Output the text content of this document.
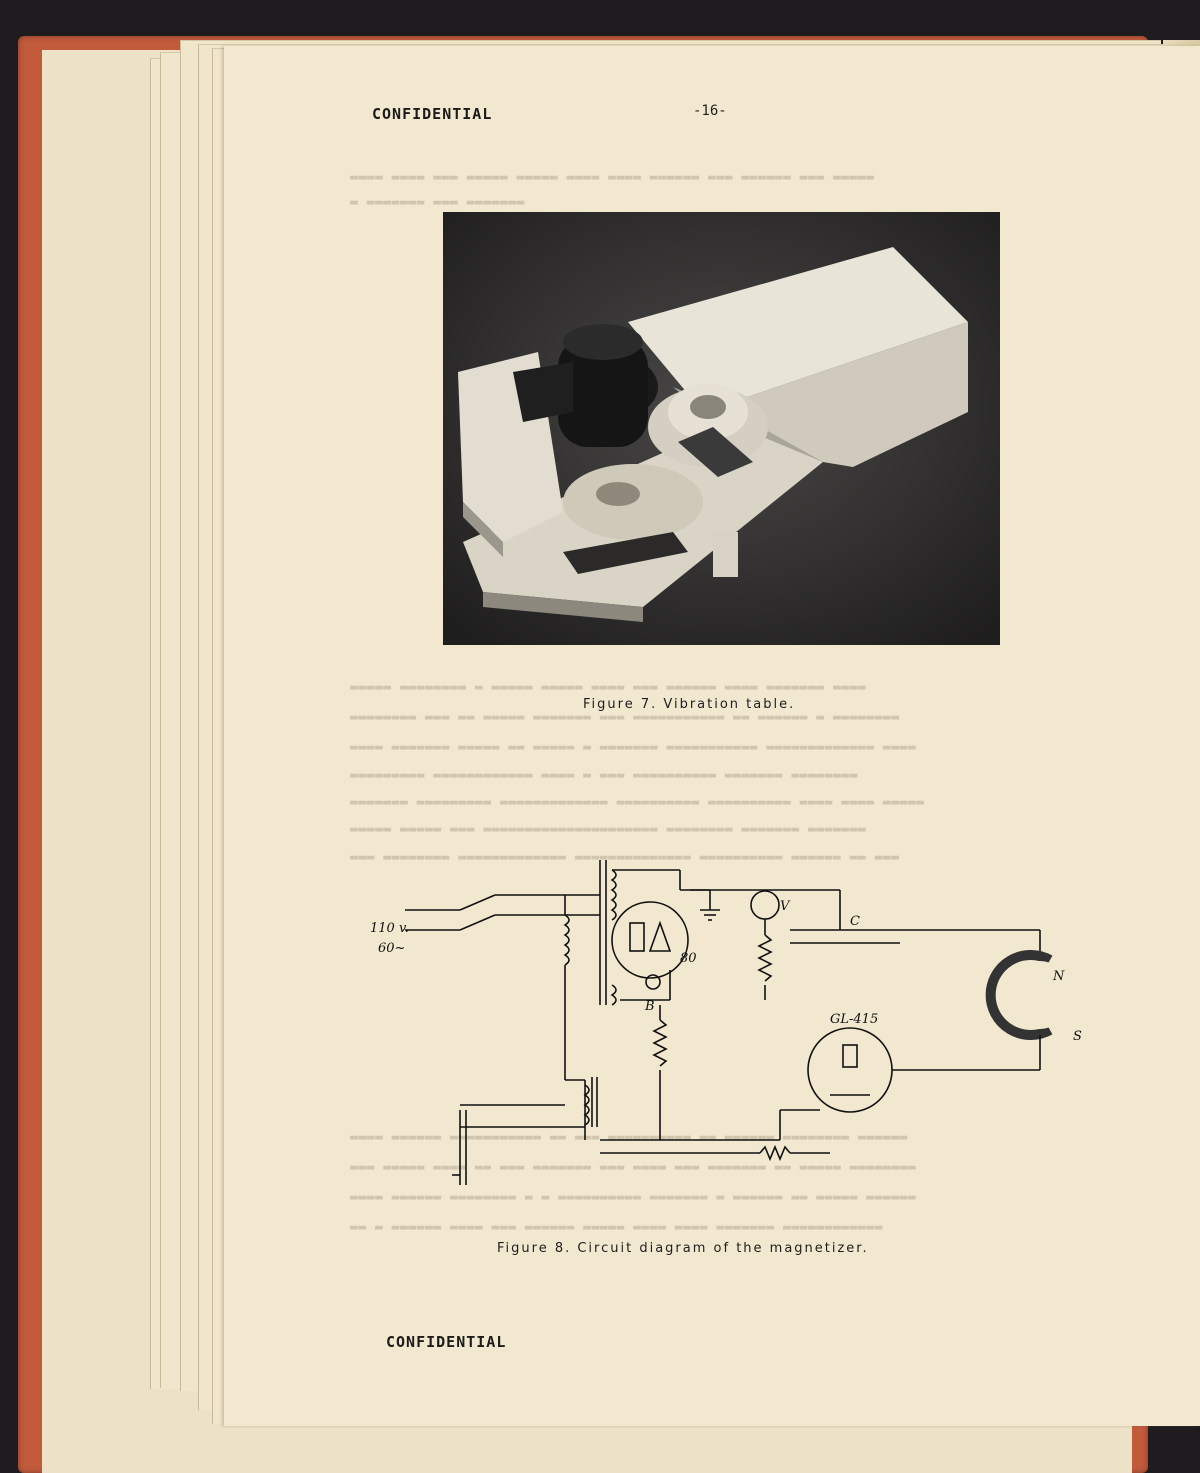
▬▬▬▬ ▬▬▬▬ ▬▬▬ ▬▬▬▬▬ ▬▬▬▬▬ ▬▬▬▬ ▬▬▬▬ ▬▬▬▬▬▬ ▬▬▬ ▬▬▬▬▬▬ ▬▬▬ ▬▬▬▬▬
▬ ▬▬▬▬▬▬▬ ▬▬▬ ▬▬▬▬▬▬▬
▬▬▬▬▬ ▬▬▬▬▬▬▬▬ ▬ ▬▬▬▬▬ ▬▬▬▬▬ ▬▬▬▬ ▬▬▬ ▬▬▬▬▬▬ ▬▬▬▬ ▬▬▬▬▬▬▬ ▬▬▬▬
▬▬▬▬▬▬▬▬ ▬▬▬ ▬▬ ▬▬▬▬▬ ▬▬▬▬▬▬▬ ▬▬▬ ▬▬▬▬▬▬▬▬▬▬▬ ▬▬ ▬▬▬▬▬▬ ▬ ▬▬▬▬▬▬▬▬
▬▬▬▬ ▬▬▬▬▬▬▬ ▬▬▬▬▬ ▬▬ ▬▬▬▬▬ ▬ ▬▬▬▬▬▬▬ ▬▬▬▬▬▬▬▬▬▬▬ ▬▬▬▬▬▬▬▬▬▬▬▬▬ ▬▬▬▬
▬▬▬▬▬▬▬▬▬ ▬▬▬▬▬▬▬▬▬▬▬▬ ▬▬▬▬ ▬ ▬▬▬ ▬▬▬▬▬▬▬▬▬▬ ▬▬▬▬▬▬▬ ▬▬▬▬▬▬▬▬
▬▬▬▬▬▬▬ ▬▬▬▬▬▬▬▬▬ ▬▬▬▬▬▬▬▬▬▬▬▬▬ ▬▬▬▬▬▬▬▬▬▬ ▬▬▬▬▬▬▬▬▬▬ ▬▬▬▬ ▬▬▬▬ ▬▬▬▬▬
▬▬▬▬▬ ▬▬▬▬▬ ▬▬▬ ▬▬▬▬▬▬▬▬▬▬▬▬▬▬▬▬▬▬▬▬▬ ▬▬▬▬▬▬▬▬ ▬▬▬▬▬▬▬ ▬▬▬▬▬▬▬
▬▬▬ ▬▬▬▬▬▬▬▬ ▬▬▬▬▬▬▬▬▬▬▬▬▬ ▬▬▬▬▬▬▬▬▬▬▬▬▬▬ ▬▬▬▬▬▬▬▬▬▬ ▬▬▬▬▬▬ ▬▬ ▬▬▬
▬▬▬▬ ▬▬▬▬▬▬ ▬▬▬▬▬▬▬▬▬▬▬ ▬▬ ▬▬▬ ▬▬▬▬▬▬▬▬▬▬ ▬▬ ▬▬▬▬▬▬ ▬▬▬▬▬▬▬▬ ▬▬▬▬▬▬
▬▬▬ ▬▬▬▬▬ ▬▬▬▬ ▬▬ ▬▬▬ ▬▬▬▬▬▬▬ ▬▬▬ ▬▬▬▬ ▬▬▬ ▬▬▬▬▬▬▬ ▬▬ ▬▬▬▬▬ ▬▬▬▬▬▬▬▬
▬▬▬▬ ▬▬▬▬▬▬ ▬▬▬▬▬▬▬▬ ▬ ▬ ▬▬▬▬▬▬▬▬▬▬ ▬▬▬▬▬▬▬ ▬ ▬▬▬▬▬▬ ▬▬ ▬▬▬▬▬ ▬▬▬▬▬▬
▬▬ ▬ ▬▬▬▬▬▬ ▬▬▬▬ ▬▬▬ ▬▬▬▬▬▬ ▬▬▬▬▬ ▬▬▬▬ ▬▬▬▬ ▬▬▬▬▬▬▬ ▬▬▬▬▬▬▬▬▬▬▬▬
CONFIDENTIAL	-16-
Figure 7. Vibration table.
110 v.
60~
V
C
80
B
GL-415
N
S
Figure 8. Circuit diagram of the magnetizer.
CONFIDENTIAL
